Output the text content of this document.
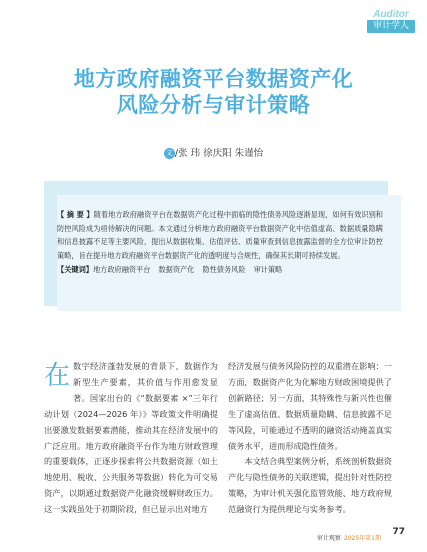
Auditor
审计学人
地方政府融资平台数据资产化
风险分析与审计策略
文 /张 玮 徐庆阳 朱谨怡

【 摘 要 】随着地方政府融资平台在数据资产化过程中面临的隐性债务风险逐渐显现，如何有效识别和防控风险成为亟待解决的问题。本文通过分析地方政府融资平台数据资产化中估值虚高、数据质量隐瞒和信息披露不足等主要风险，提出从数据收集、估值评估、质量审查到信息披露监督的全方位审计防控策略，旨在提升地方政府融资平台数据资产化的透明度与合规性，确保其长期可持续发展。

【关键词】地方政府融资平台 数据资产化 隐性债务风险 审计策略

在数字经济蓬勃发展的背景下，数据作为新型生产要素，其价值与作用愈发显著。国家出台的《“数据要素 ×”三年行动计划（2024—2026 年）》等政策文件明确提出要激发数据要素潜能，推动其在经济发展中的广泛应用。地方政府融资平台作为地方财政管理的重要载体，正逐步探索将公共数据资源（如土地使用、税收、公共服务等数据）转化为可交易资产，以期通过数据资产化融资缓解财政压力。这一实践虽处于初期阶段，但已显示出对地方

经济发展与债务风险防控的双重潜在影响：一方面，数据资产化为化解地方财政困境提供了创新路径；另一方面，其特殊性与新兴性也催生了虚高估值、数据质量隐瞒、信息披露不足等风险，可能通过不透明的融资活动掩盖真实债务水平，进而形成隐性债务。

本文结合典型案例分析，系统剖析数据资产化与隐性债务的关联逻辑，提出针对性防控策略，为审计机关强化监管效能、地方政府规范融资行为提供理论与实务参考。

审计观察 2025年第1期
77
